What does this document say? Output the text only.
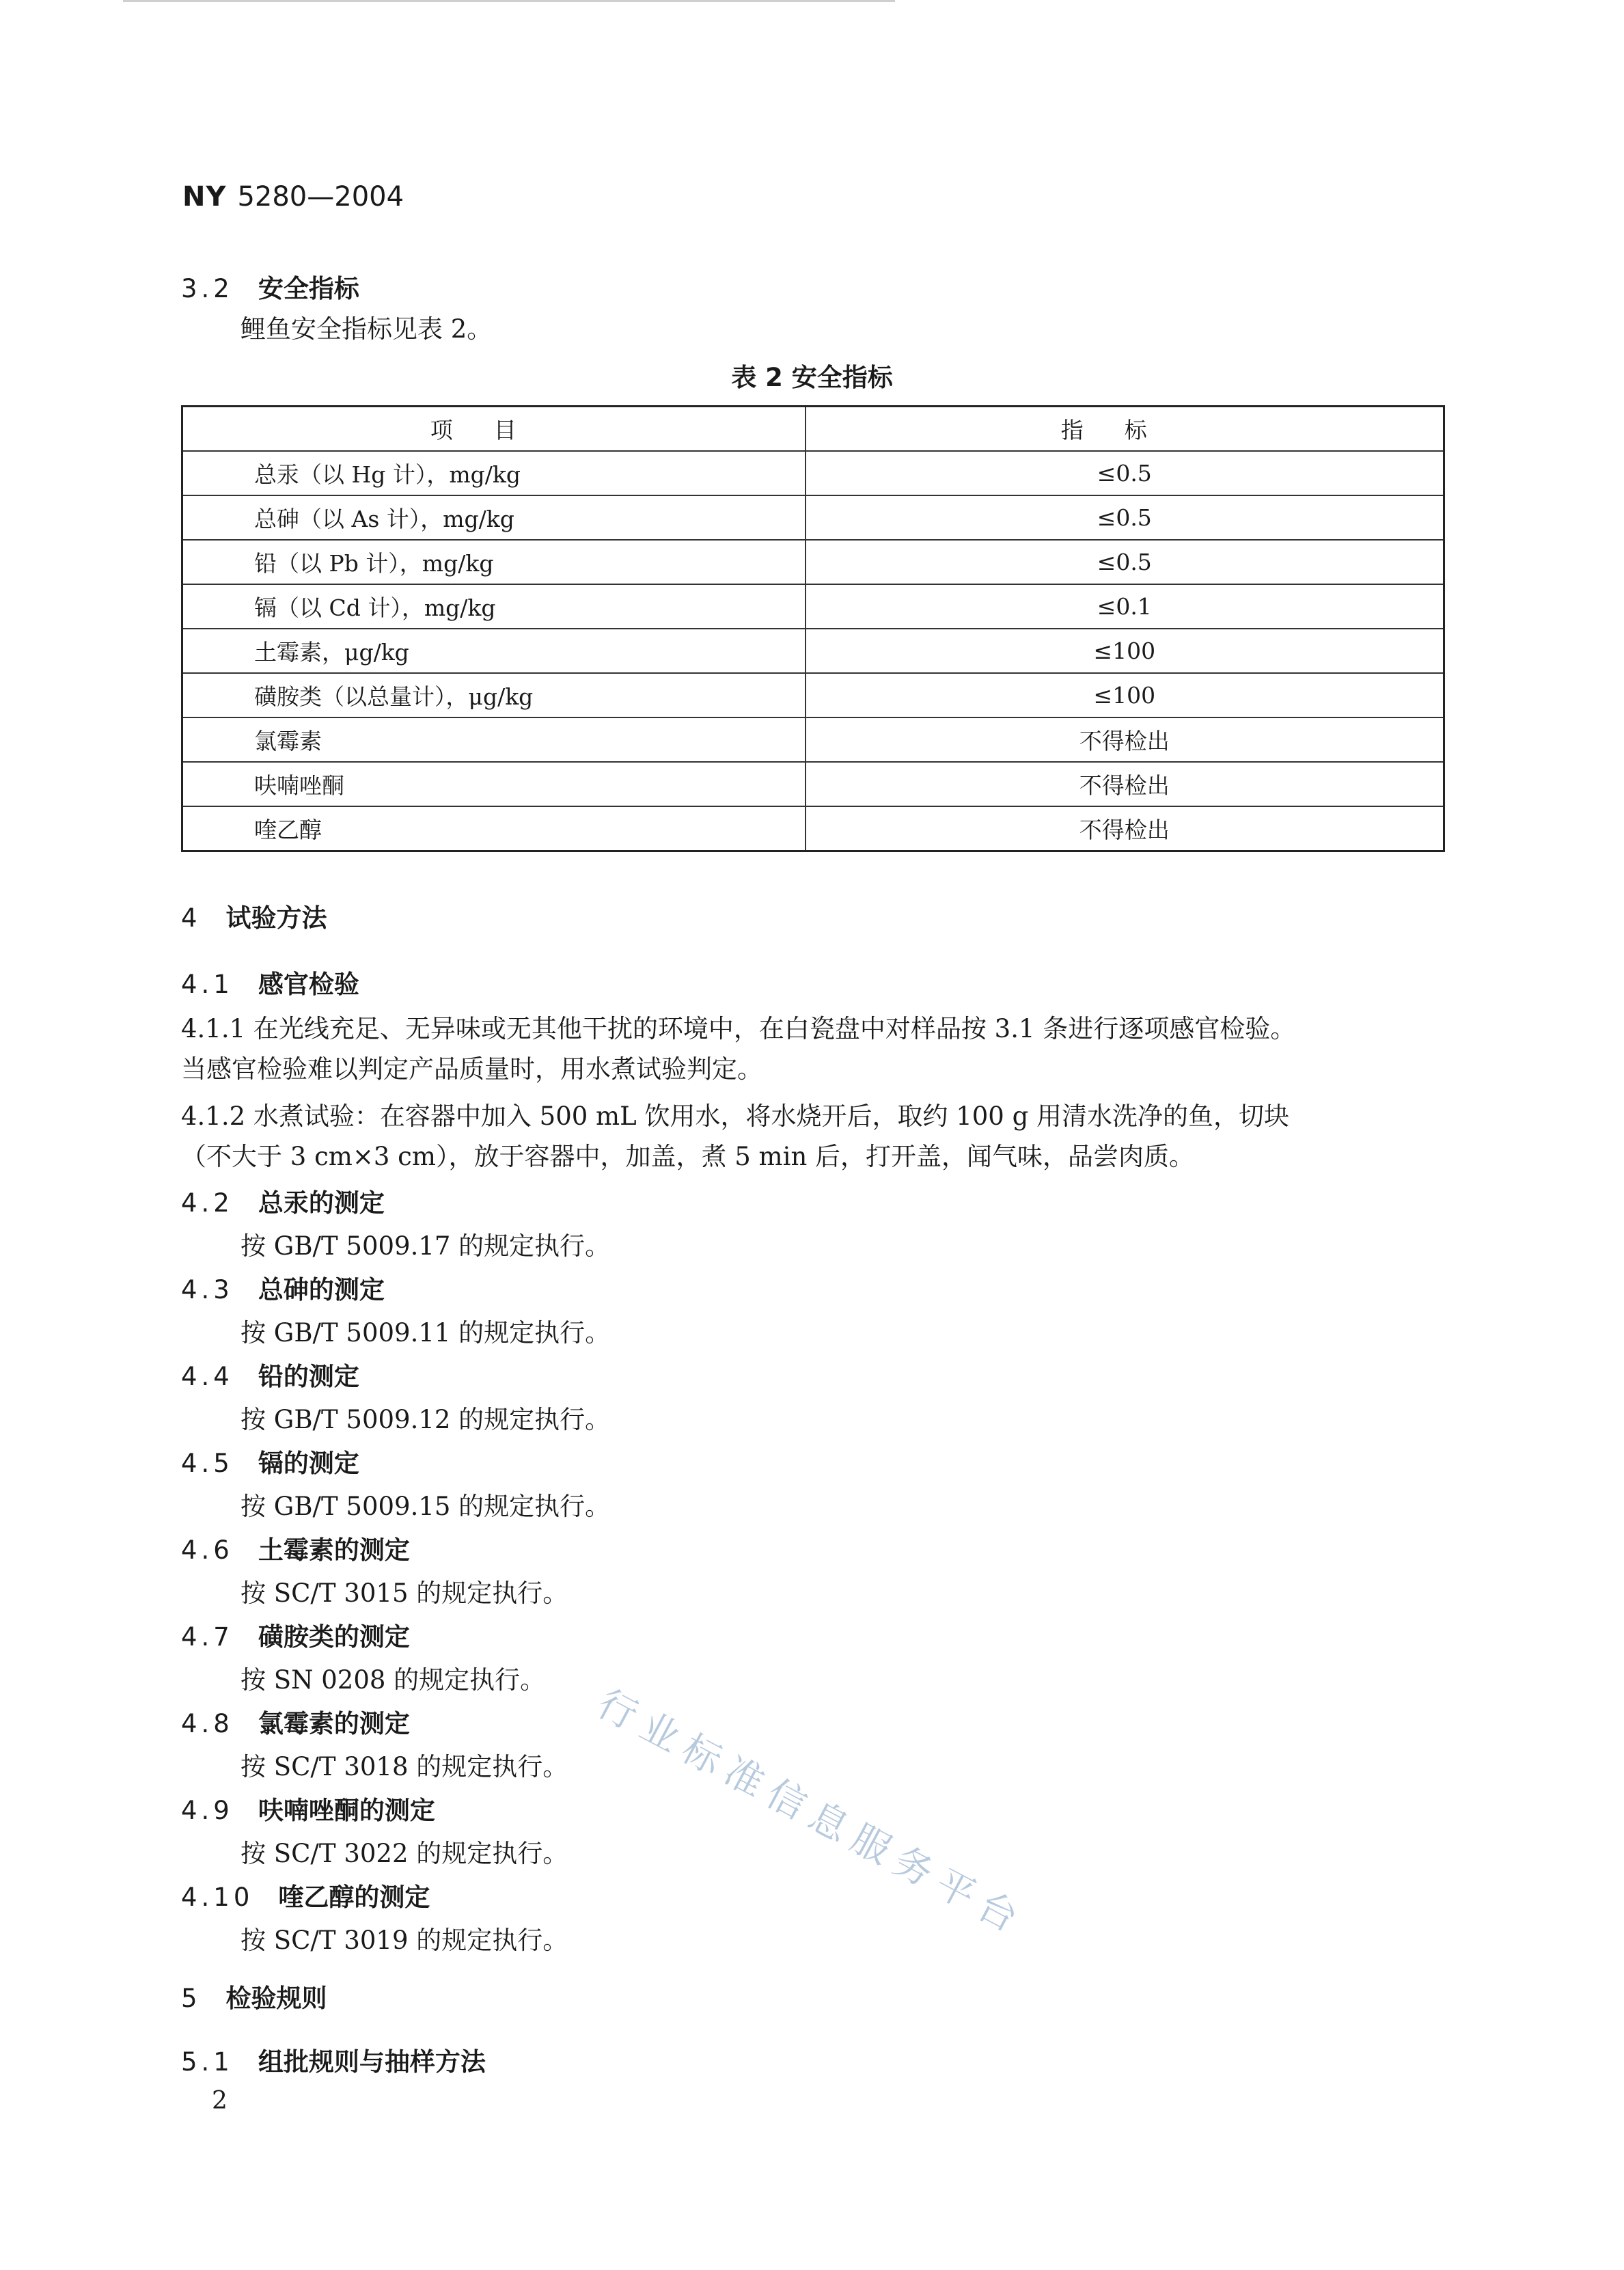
NY 5280—2004
3.2 安全指标
鲤鱼安全指标见表 2。
表 2 安全指标
项目	指标
总汞（以 Hg 计），mg/kg	≤0.5
总砷（以 As 计），mg/kg	≤0.5
铅（以 Pb 计），mg/kg	≤0.5
镉（以 Cd 计），mg/kg	≤0.1
土霉素，μg/kg	≤100
磺胺类（以总量计），μg/kg	≤100
氯霉素	不得检出
呋喃唑酮	不得检出
喹乙醇	不得检出
4 试验方法
4.1 感官检验
4.1.1 在光线充足、无异味或无其他干扰的环境中，在白瓷盘中对样品按 3.1 条进行逐项感官检验。
当感官检验难以判定产品质量时，用水煮试验判定。
4.1.2 水煮试验：在容器中加入 500 mL 饮用水，将水烧开后，取约 100 g 用清水洗净的鱼，切块
（不大于 3 cm×3 cm），放于容器中，加盖，煮 5 min 后，打开盖，闻气味，品尝肉质。
4.2 总汞的测定
按 GB/T 5009.17 的规定执行。
4.3 总砷的测定
按 GB/T 5009.11 的规定执行。
4.4 铅的测定
按 GB/T 5009.12 的规定执行。
4.5 镉的测定
按 GB/T 5009.15 的规定执行。
4.6 土霉素的测定
按 SC/T 3015 的规定执行。
4.7 磺胺类的测定
按 SN 0208 的规定执行。
4.8 氯霉素的测定
按 SC/T 3018 的规定执行。
4.9 呋喃唑酮的测定
按 SC/T 3022 的规定执行。
4.10 喹乙醇的测定
按 SC/T 3019 的规定执行。
5 检验规则
5.1 组批规则与抽样方法
2
行业标准信息服务平台
